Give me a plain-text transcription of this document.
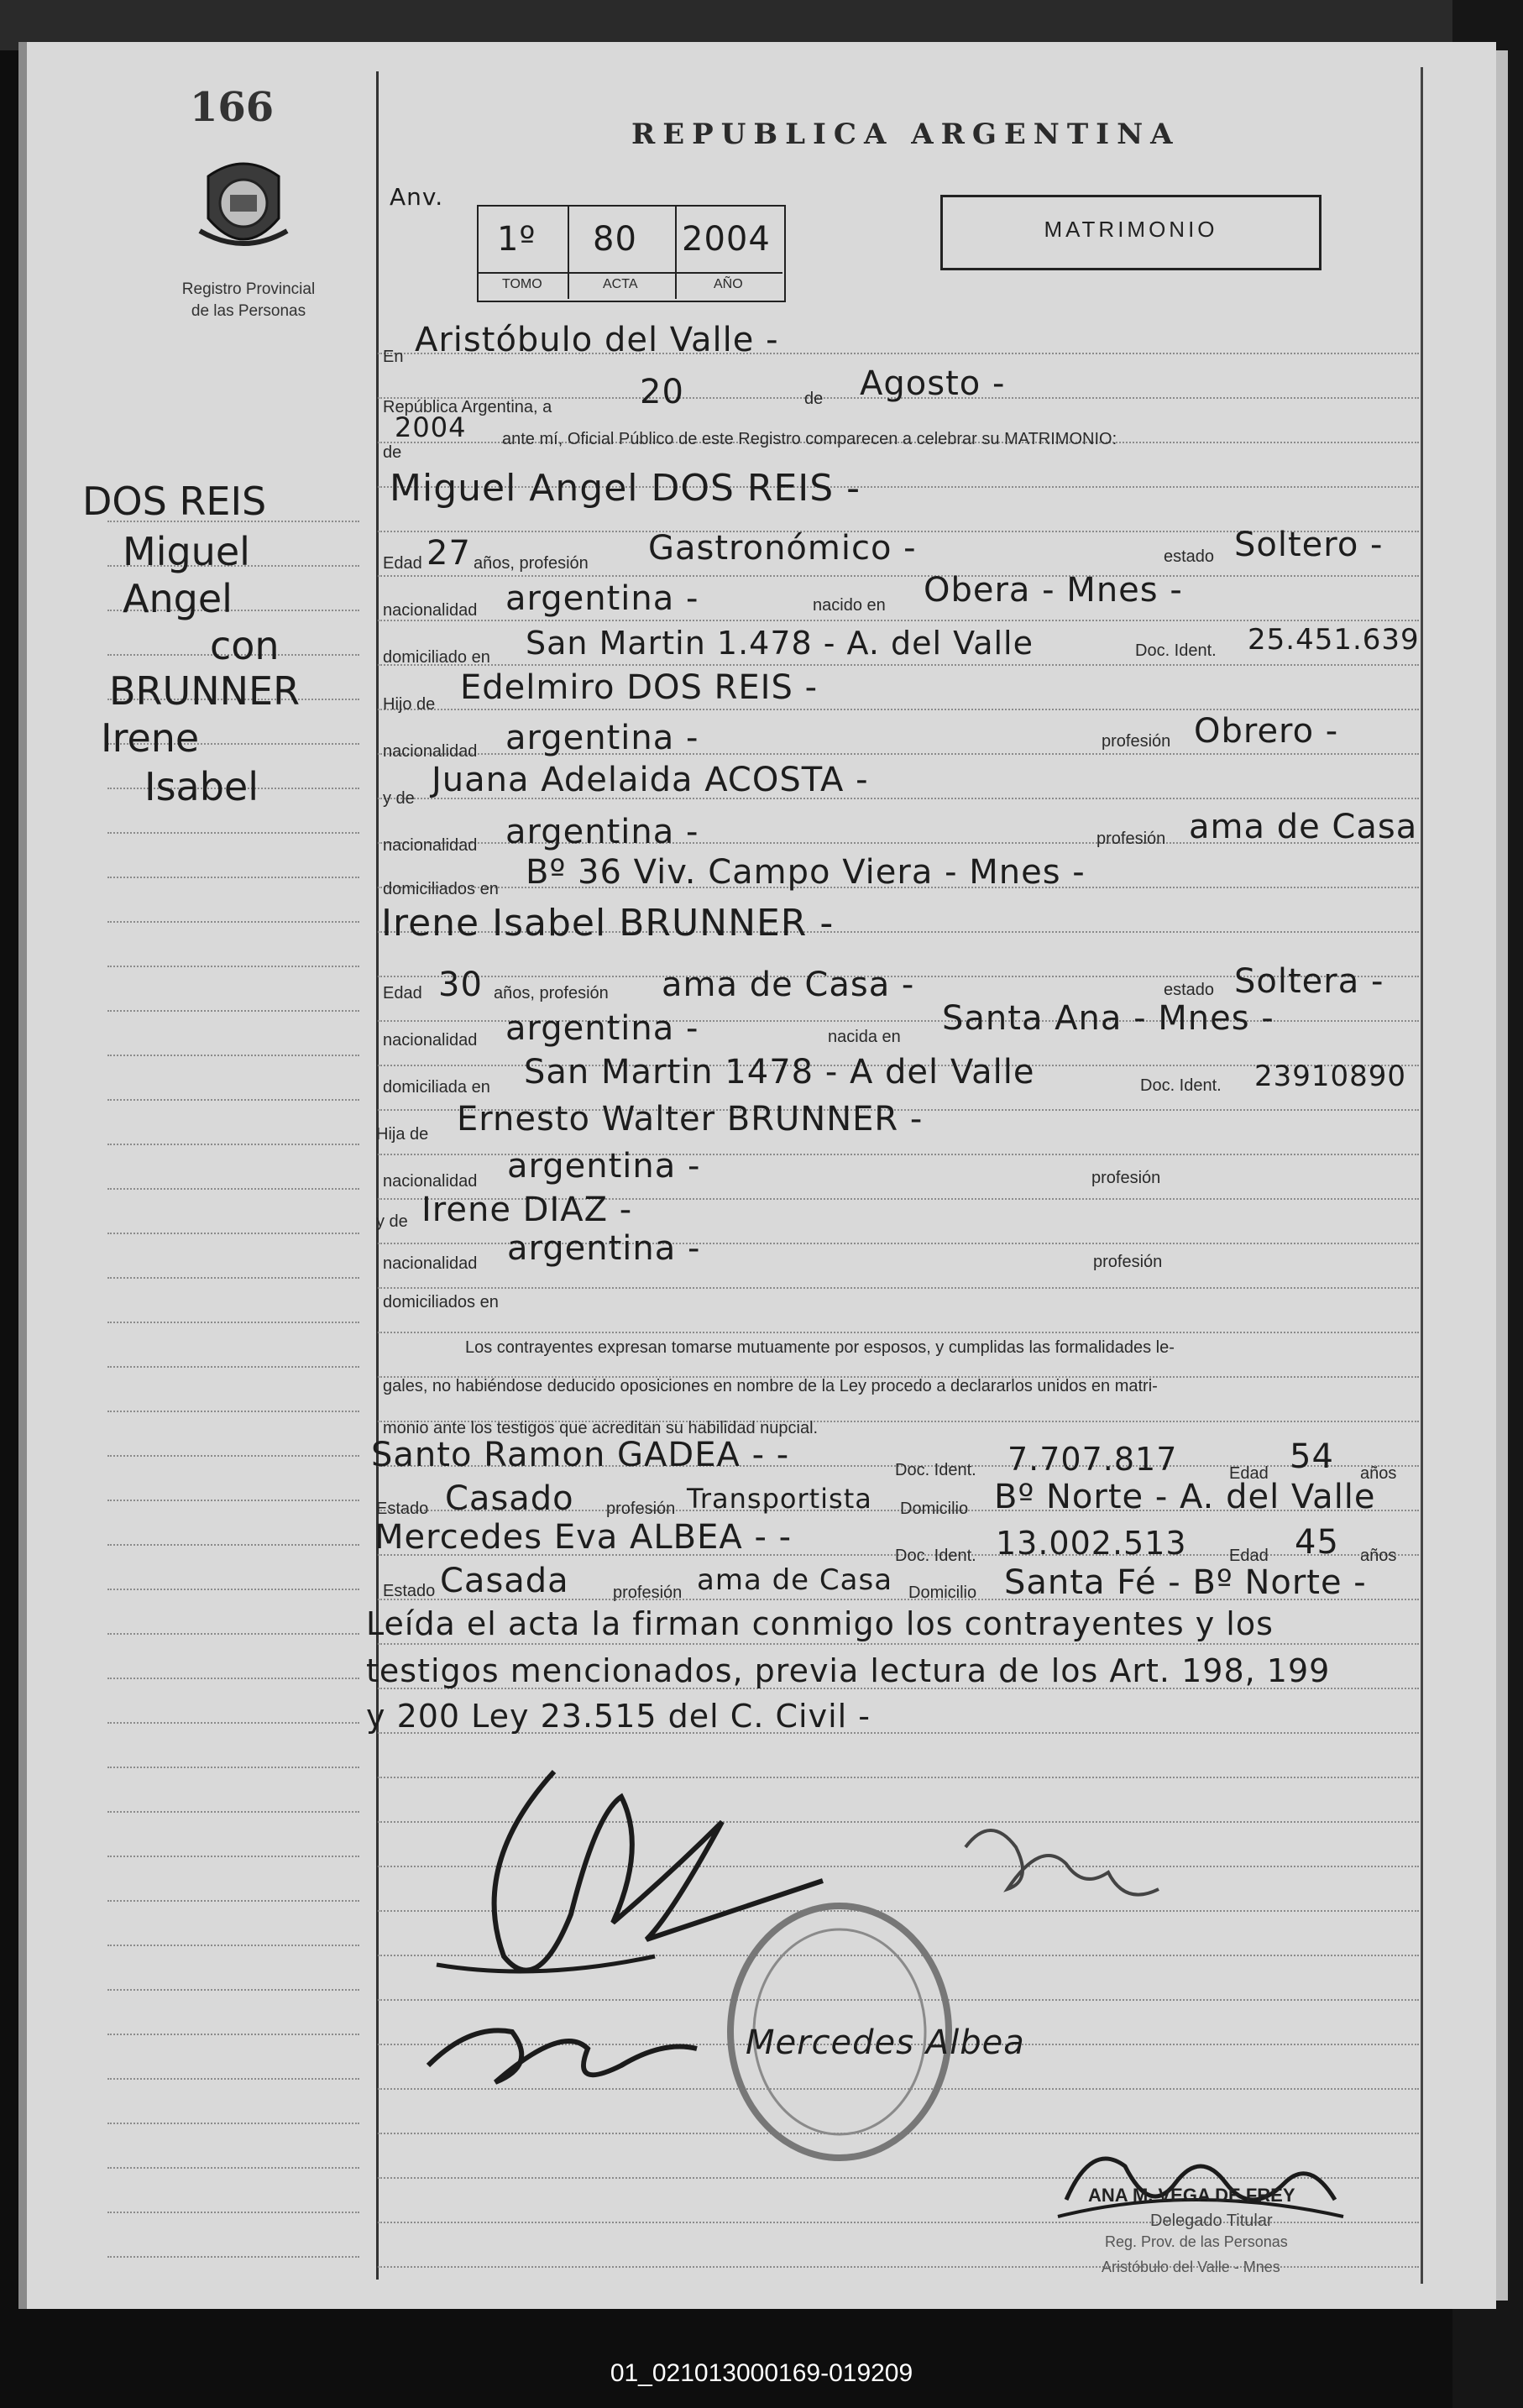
166
Registro Provincial
de las Personas
REPUBLICA ARGENTINA
Anv.
1º 80 2004
TOMO	ACTA	AÑO
MATRIMONIO
DOS REIS
Miguel
Angel
con
BRUNNER
Irene
Isabel
En Aristóbulo del Valle -
República Argentina, a	20	de Agosto -
de
2004 ante mí, Oficial Público de este Registro comparecen a celebrar su MATRIMONIO:
Miguel Angel DOS REIS -
Edad 27 años, profesión Gastronómico -	estado Soltero -
nacionalidad argentina -	nacido en Obera - Mnes -
domiciliado en San Martin 1.478 - A. del Valle	Doc. Ident. 25.451.639
Hijo de Edelmiro DOS REIS -
nacionalidad argentina -	profesión Obrero -
y de Juana Adelaida ACOSTA -
nacionalidad argentina -	profesión ama de Casa
domiciliados en Bº 36 Viv. Campo Viera - Mnes -
Irene Isabel BRUNNER -
Edad 30 años, profesión ama de Casa -	estado Soltera -
nacionalidad argentina -	nacida en Santa Ana - Mnes -
domiciliada en San Martin 1478 - A del Valle	Doc. Ident. 23910890
Hija de Ernesto Walter BRUNNER -
nacionalidad argentina -	profesión
y de Irene DIAZ -
nacionalidad argentina -	profesión
domiciliados en
Los contrayentes expresan tomarse mutuamente por esposos, y cumplidas las formalidades le-
gales, no habiéndose deducido oposiciones en nombre de la Ley procedo a declararlos unidos en matri-
monio ante los testigos que acreditan su habilidad nupcial.
Santo Ramon GADEA - -	Doc. Ident. 7.707.817	Edad 54 años
Estado Casado profesión Transportista Domicilio Bº Norte - A. del Valle
Mercedes Eva ALBEA - -	Doc. Ident. 13.002.513	Edad 45 años
Estado Casada	profesión ama de Casa Domicilio Santa Fé - Bº Norte -
Leída el acta la firman conmigo los contrayentes y los
testigos mencionados, previa lectura de los Art. 198, 199
y 200 Ley 23.515 del C. Civil -
Mercedes Albea
ANA M. VEGA DE FREY
Delegado Titular
Reg. Prov. de las Personas
Aristóbulo del Valle - Mnes
01_021013000169-019209
